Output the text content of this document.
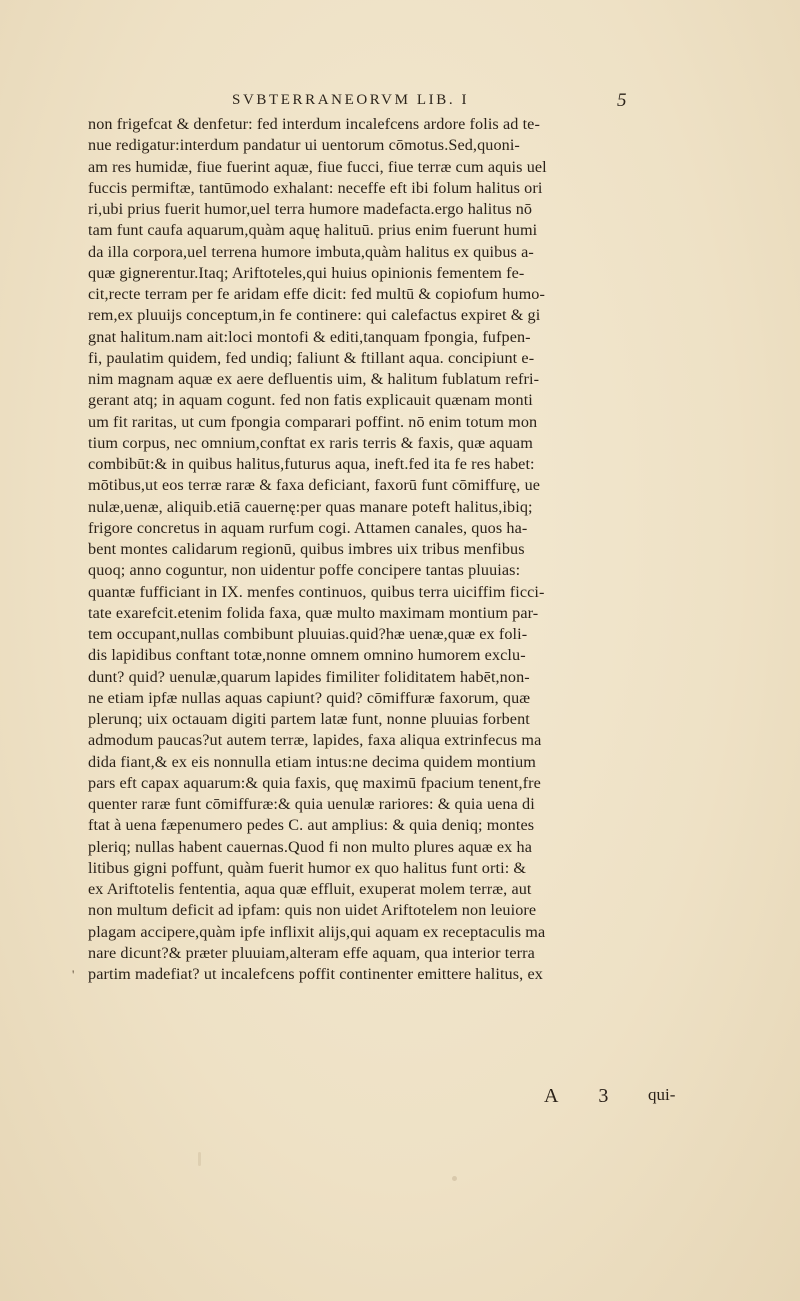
SVBTERRANEORVM LIB. I	5
non frigefcat & denfetur: fed interdum incalefcens ardore folis ad te-
nue redigatur:interdum pandatur ui uentorum cōmotus.Sed,quoni-
am res humidæ, fiue fuerint aquæ, fiue fucci, fiue terræ cum aquis uel
fuccis permiftæ, tantūmodo exhalant: neceffe eft ibi folum halitus ori
ri,ubi prius fuerit humor,uel terra humore madefacta.ergo halitus nō
tam funt caufa aquarum,quàm aquę halituū. prius enim fuerunt humi
da illa corpora,uel terrena humore imbuta,quàm halitus ex quibus a-
quæ gignerentur.Itaq; Ariftoteles,qui huius opinionis fementem fe-
cit,recte terram per fe aridam effe dicit: fed multū & copiofum humo-
rem,ex pluuijs conceptum,in fe continere: qui calefactus expiret & gi
gnat halitum.nam ait:loci montofi & editi,tanquam fpongia, fufpen-
fi, paulatim quidem, fed undiq; faliunt & ftillant aqua. concipiunt e-
nim magnam aquæ ex aere defluentis uim, & halitum fublatum refri-
gerant atq; in aquam cogunt. fed non fatis explicauit quænam monti
um fit raritas, ut cum fpongia comparari poffint. nō enim totum mon
tium corpus, nec omnium,conftat ex raris terris & faxis, quæ aquam
combibūt:& in quibus halitus,futurus aqua, ineft.fed ita fe res habet:
mōtibus,ut eos terræ raræ & faxa deficiant, faxorū funt cōmiffurę, ue
nulæ,uenæ, aliquib.etiā cauernę:per quas manare poteft halitus,ibiq;
frigore concretus in aquam rurfum cogi. Attamen canales, quos ha-
bent montes calidarum regionū, quibus imbres uix tribus menfibus
quoq; anno coguntur, non uidentur poffe concipere tantas pluuias:
quantæ fufficiant in IX. menfes continuos, quibus terra uiciffim ficci-
tate exarefcit.etenim folida faxa, quæ multo maximam montium par-
tem occupant,nullas combibunt pluuias.quid?hæ uenæ,quæ ex foli-
dis lapidibus conftant totæ,nonne omnem omnino humorem exclu-
dunt? quid? uenulæ,quarum lapides fimiliter foliditatem habēt,non-
ne etiam ipfæ nullas aquas capiunt? quid? cōmiffuræ faxorum, quæ
plerunq; uix octauam digiti partem latæ funt, nonne pluuias forbent
admodum paucas?ut autem terræ, lapides, faxa aliqua extrinfecus ma
dida fiant,& ex eis nonnulla etiam intus:ne decima quidem montium
pars eft capax aquarum:& quia faxis, quę maximū fpacium tenent,fre
quenter raræ funt cōmiffuræ:& quia uenulæ rariores: & quia uena di
ftat à uena fæpenumero pedes C. aut amplius: & quia deniq; montes
pleriq; nullas habent cauernas.Quod fi non multo plures aquæ ex ha
litibus gigni poffunt, quàm fuerit humor ex quo halitus funt orti: &
ex Ariftotelis fententia, aqua quæ effluit, exuperat molem terræ, aut
non multum deficit ad ipfam: quis non uidet Ariftotelem non leuiore
plagam accipere,quàm ipfe inflixit alijs,qui aquam ex receptaculis ma
nare dicunt?& præter pluuiam,alteram effe aquam, qua interior terra
partim madefiat? ut incalefcens poffit continenter emittere halitus, ex
'
A 3 qui-
